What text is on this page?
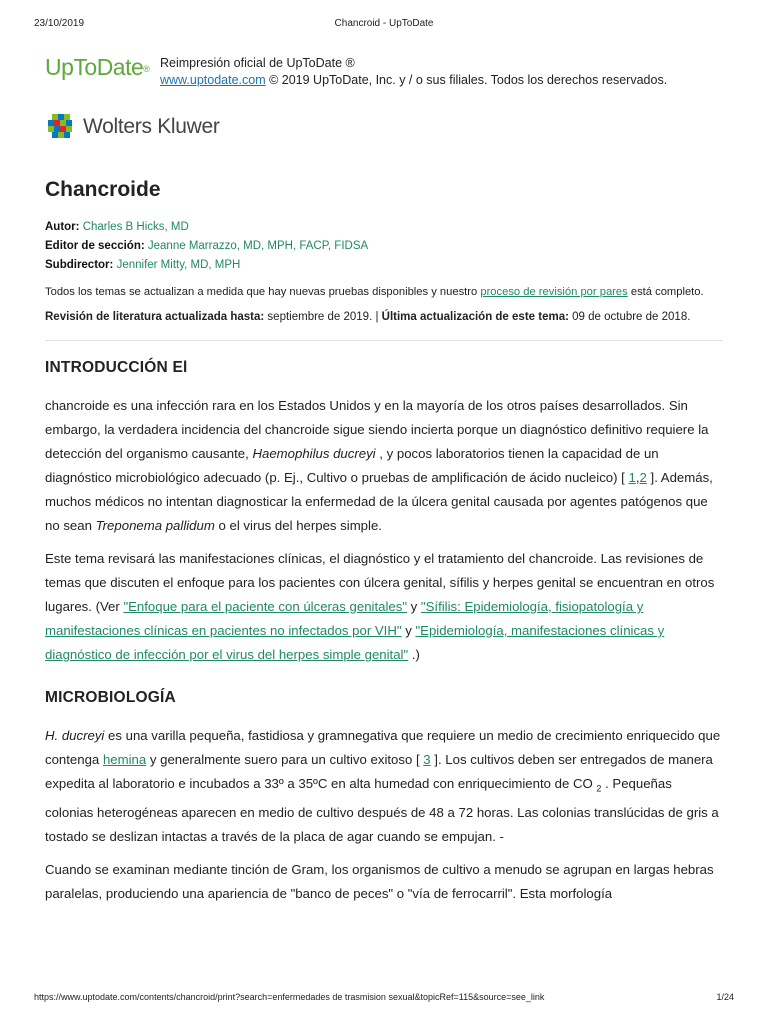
23/10/2019	Chancroid - UpToDate
UpToDate® Reimpresión oficial de UpToDate ®
www.uptodate.com © 2019 UpToDate, Inc. y / o sus filiales. Todos los derechos reservados.
Wolters Kluwer
Chancroide
Autor: Charles B Hicks, MD
Editor de sección: Jeanne Marrazzo, MD, MPH, FACP, FIDSA
Subdirector: Jennifer Mitty, MD, MPH
Todos los temas se actualizan a medida que hay nuevas pruebas disponibles y nuestro proceso de revisión por pares está completo.
Revisión de literatura actualizada hasta: septiembre de 2019. | Última actualización de este tema: 09 de octubre de 2018.
INTRODUCCIÓN El

chancroide es una infección rara en los Estados Unidos y en la mayoría de los otros países desarrollados. Sin embargo, la verdadera incidencia del chancroide sigue siendo incierta porque un diagnóstico definitivo requiere la detección del organismo causante, Haemophilus ducreyi , y pocos laboratorios tienen la capacidad de un diagnóstico microbiológico adecuado (p. Ej., Cultivo o pruebas de amplificación de ácido nucleico) [ 1,2 ]. Además, muchos médicos no intentan diagnosticar la enfermedad de la úlcera genital causada por agentes patógenos que no sean Treponema pallidum o el virus del herpes simple.

Este tema revisará las manifestaciones clínicas, el diagnóstico y el tratamiento del chancroide. Las revisiones de temas que discuten el enfoque para los pacientes con úlcera genital, sífilis y herpes genital se encuentran en otros lugares. (Ver "Enfoque para el paciente con úlceras genitales" y "Sífilis: Epidemiología, fisiopatología y manifestaciones clínicas en pacientes no infectados por VIH" y "Epidemiología, manifestaciones clínicas y diagnóstico de infección por el virus del herpes simple genital" .)

MICROBIOLOGÍA

H. ducreyi es una varilla pequeña, fastidiosa y gramnegativa que requiere un medio de crecimiento enriquecido que contenga hemina y generalmente suero para un cultivo exitoso [ 3 ]. Los cultivos deben ser entregados de manera expedita al laboratorio e incubados a 33º a 35ºC en alta humedad con enriquecimiento de CO $_2$ . Pequeñas colonias heterogéneas aparecen en medio de cultivo después de 48 a 72 horas. Las colonias translúcidas de gris a tostado se deslizan intactas a través de la placa de agar cuando se empujan. -

Cuando se examinan mediante tinción de Gram, los organismos de cultivo a menudo se agrupan en largas hebras paralelas, produciendo una apariencia de "banco de peces" o "vía de ferrocarril". Esta morfología

https://www.uptodate.com/contents/chancroid/print?search=enfermedades de trasmision sexual&topicRef=115&source=see_link	1/24
